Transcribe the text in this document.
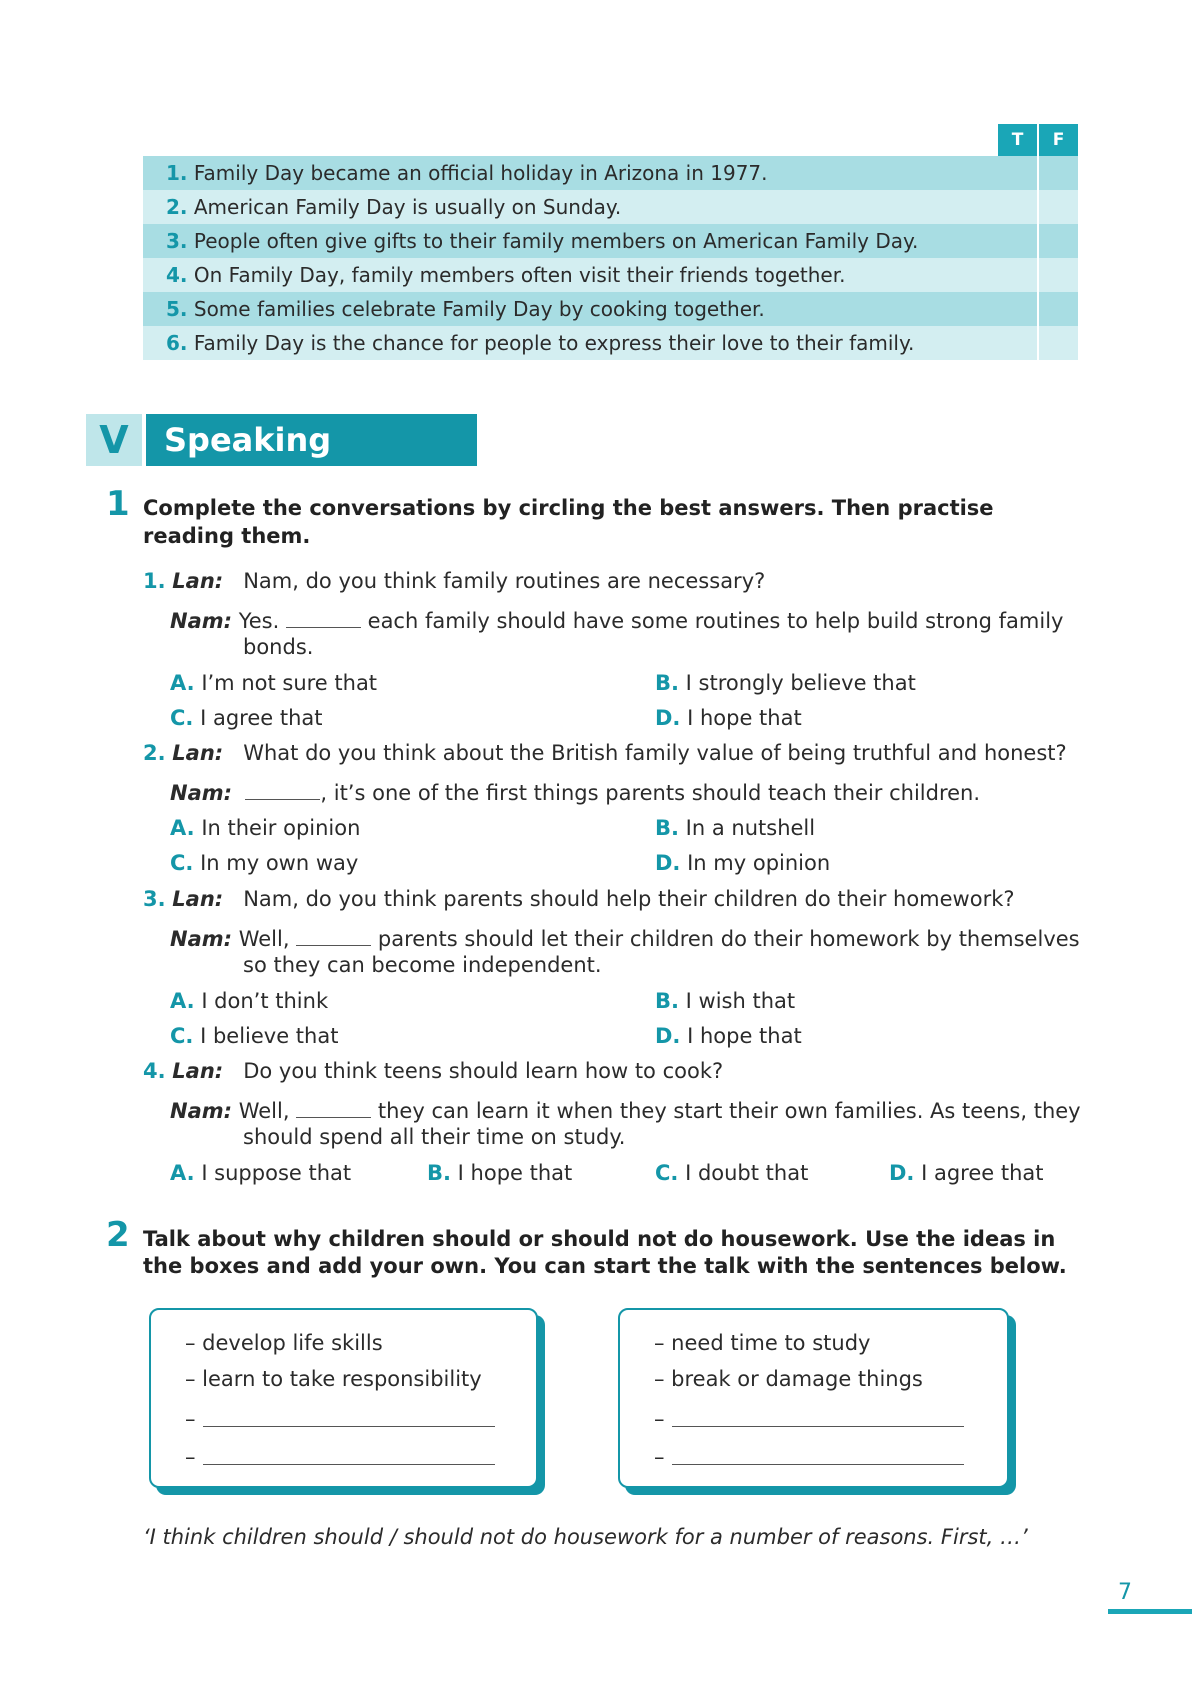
T	F
1. Family Day became an official holiday in Arizona in 1977.
2. American Family Day is usually on Sunday.
3. People often give gifts to their family members on American Family Day.
4. On Family Day, family members often visit their friends together.
5. Some families celebrate Family Day by cooking together.
6. Family Day is the chance for people to express their love to their family.
V	Speaking
1 Complete the conversations by circling the best answers. Then practise reading them.
1. Lan: Nam, do you think family routines are necessary?
Nam: Yes.	each family should have some routines to help build strong family
bonds.
A. I’m not sure that	B. I strongly believe that
C. I agree that	D. I hope that
2. Lan: What do you think about the British family value of being truthful and honest?
Nam:	, it’s one of the first things parents should teach their children.
A. In their opinion	B. In a nutshell
C. In my own way	D. In my opinion
3. Lan: Nam, do you think parents should help their children do their homework?
Nam: Well,	parents should let their children do their homework by themselves
so they can become independent.
A. I don’t think	B. I wish that
C. I believe that	D. I hope that
4. Lan: Do you think teens should learn how to cook?
Nam: Well,	they can learn it when they start their own families. As teens, they
should spend all their time on study.
A. I suppose that	B. I hope that	C. I doubt that	D. I agree that
2 Talk about why children should or should not do housework. Use the ideas in
the boxes and add your own. You can start the talk with the sentences below.
– develop life skills
– learn to take responsibility
–
–
– need time to study
– break or damage things
–
–
‘I think children should / should not do housework for a number of reasons. First, …’
7
